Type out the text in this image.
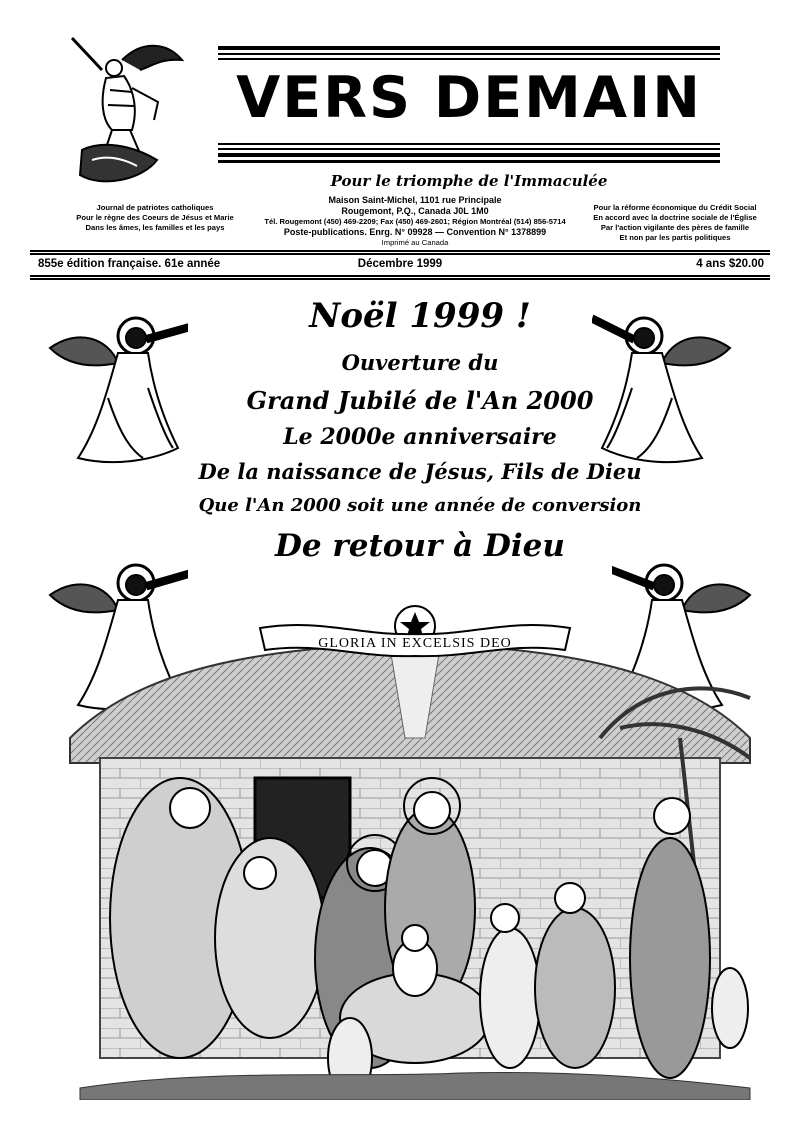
VERS DEMAIN
Pour le triomphe de l'Immaculée
Journal de patriotes catholiques
Pour le règne des Coeurs de Jésus et Marie
Dans les âmes, les familles et les pays
Maison Saint-Michel, 1101 rue Principale
Rougemont, P.Q., Canada J0L 1M0
Tél. Rougemont (450) 469-2209; Fax (450) 469-2601; Région Montréal (514) 856-5714
Poste-publications. Enrg. N° 09928 — Convention N° 1378899
Imprimé au Canada
Pour la réforme économique du Crédit Social
En accord avec la doctrine sociale de l'Église
Par l'action vigilante des pères de famille
Et non par les partis politiques
Décembre 1999
855e édition française. 61e année	4 ans $20.00
Noël 1999 !
Ouverture du
Grand Jubilé de l'An 2000
Le 2000e anniversaire
De la naissance de Jésus, Fils de Dieu
Que l'An 2000 soit une année de conversion
De retour à Dieu
GLORIA IN EXCELSIS DEO
